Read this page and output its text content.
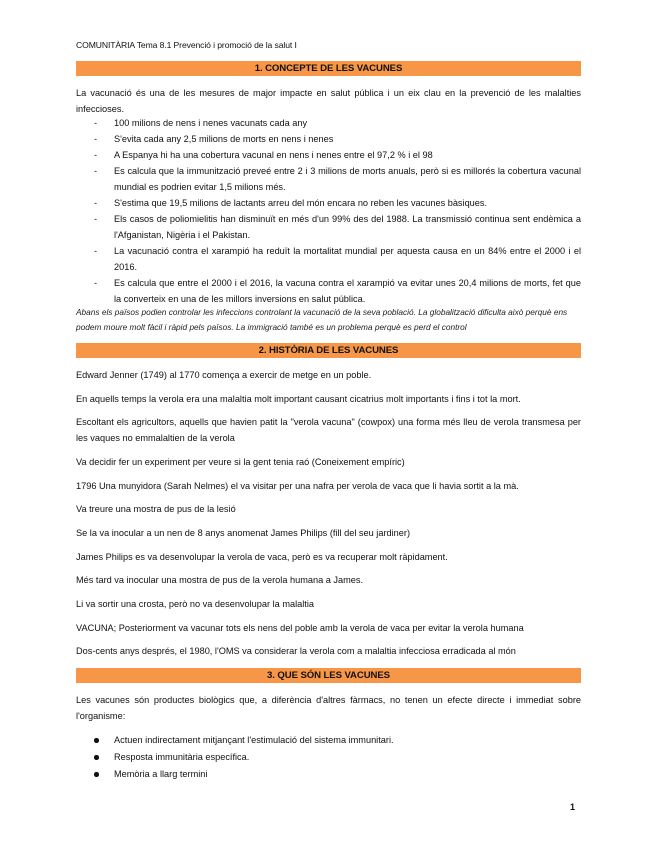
COMUNITÀRIA Tema 8.1 Prevenció i promoció de la salut I
1. CONCEPTE DE LES VACUNES
La vacunació és una de les mesures de major impacte en salut pública i un eix clau en la prevenció de les malalties infeccioses.
- 100 milions de nens i nenes vacunats cada any
- S'evita cada any 2,5 milions de morts en nens i nenes
- A Espanya hi ha una cobertura vacunal en nens i nenes entre el 97,2 % i el 98
- Es calcula que la immunització preveé entre 2 i 3 milions de morts anuals, però si es millorés la cobertura vacunal mundial es podrien evitar 1,5 milions més.
- S'estima que 19,5 milions de lactants arreu del món encara no reben les vacunes bàsiques.
- Els casos de poliomielitis han disminuït en més d'un 99% des del 1988. La transmissió continua sent endèmica a l'Afganistan, Nigèria i el Pakistan.
- La vacunació contra el xarampió ha reduït la mortalitat mundial per aquesta causa en un 84% entre el 2000 i el 2016.
- Es calcula que entre el 2000 i el 2016, la vacuna contra el xarampió va evitar unes 20,4 milions de morts, fet que la converteix en una de les millors inversions en salut pública.
Abans els països podien controlar les infeccions controlant la vacunació de la seva població. La globalització dificulta això perquè ens podem moure molt fàcil i ràpid pels països. La immigració també es un problema perquè es perd el control
2. HISTÒRIA DE LES VACUNES
Edward Jenner (1749) al 1770 comença a exercir de metge en un poble.
En aquells temps la verola era una malaltia molt important causant cicatrius molt importants i fins i tot la mort.
Escoltant els agricultors, aquells que havien patit la "verola vacuna" (cowpox) una forma més lleu de verola transmesa per les vaques no emmalaltien de la verola
Va decidir fer un experiment per veure si la gent tenia raó (Coneixement empíric)
1796 Una munyidora (Sarah Nelmes) el va visitar per una nafra per verola de vaca que li havia sortit a la mà.
Va treure una mostra de pus de la lesió
Se la va inocular a un nen de 8 anys anomenat James Philips (fill del seu jardiner)
James Philips es va desenvolupar la verola de vaca, però es va recuperar molt ràpidament.
Més tard va inocular una mostra de pus de la verola humana a James.
Li va sortir una crosta, però no va desenvolupar la malaltia
VACUNA; Posteriorment va vacunar tots els nens del poble amb la verola de vaca per evitar la verola humana
Dos-cents anys després, el 1980, l'OMS va considerar la verola com a malaltia infecciosa erradicada al món
3. QUE SÓN LES VACUNES
Les vacunes són productes biològics que, a diferència d'altres fàrmacs, no tenen un efecte directe i immediat sobre l'organisme:
Actuen indirectament mitjançant l'estimulació del sistema immunitari.
Resposta immunitària específica.
Memòria a llarg termini
1
